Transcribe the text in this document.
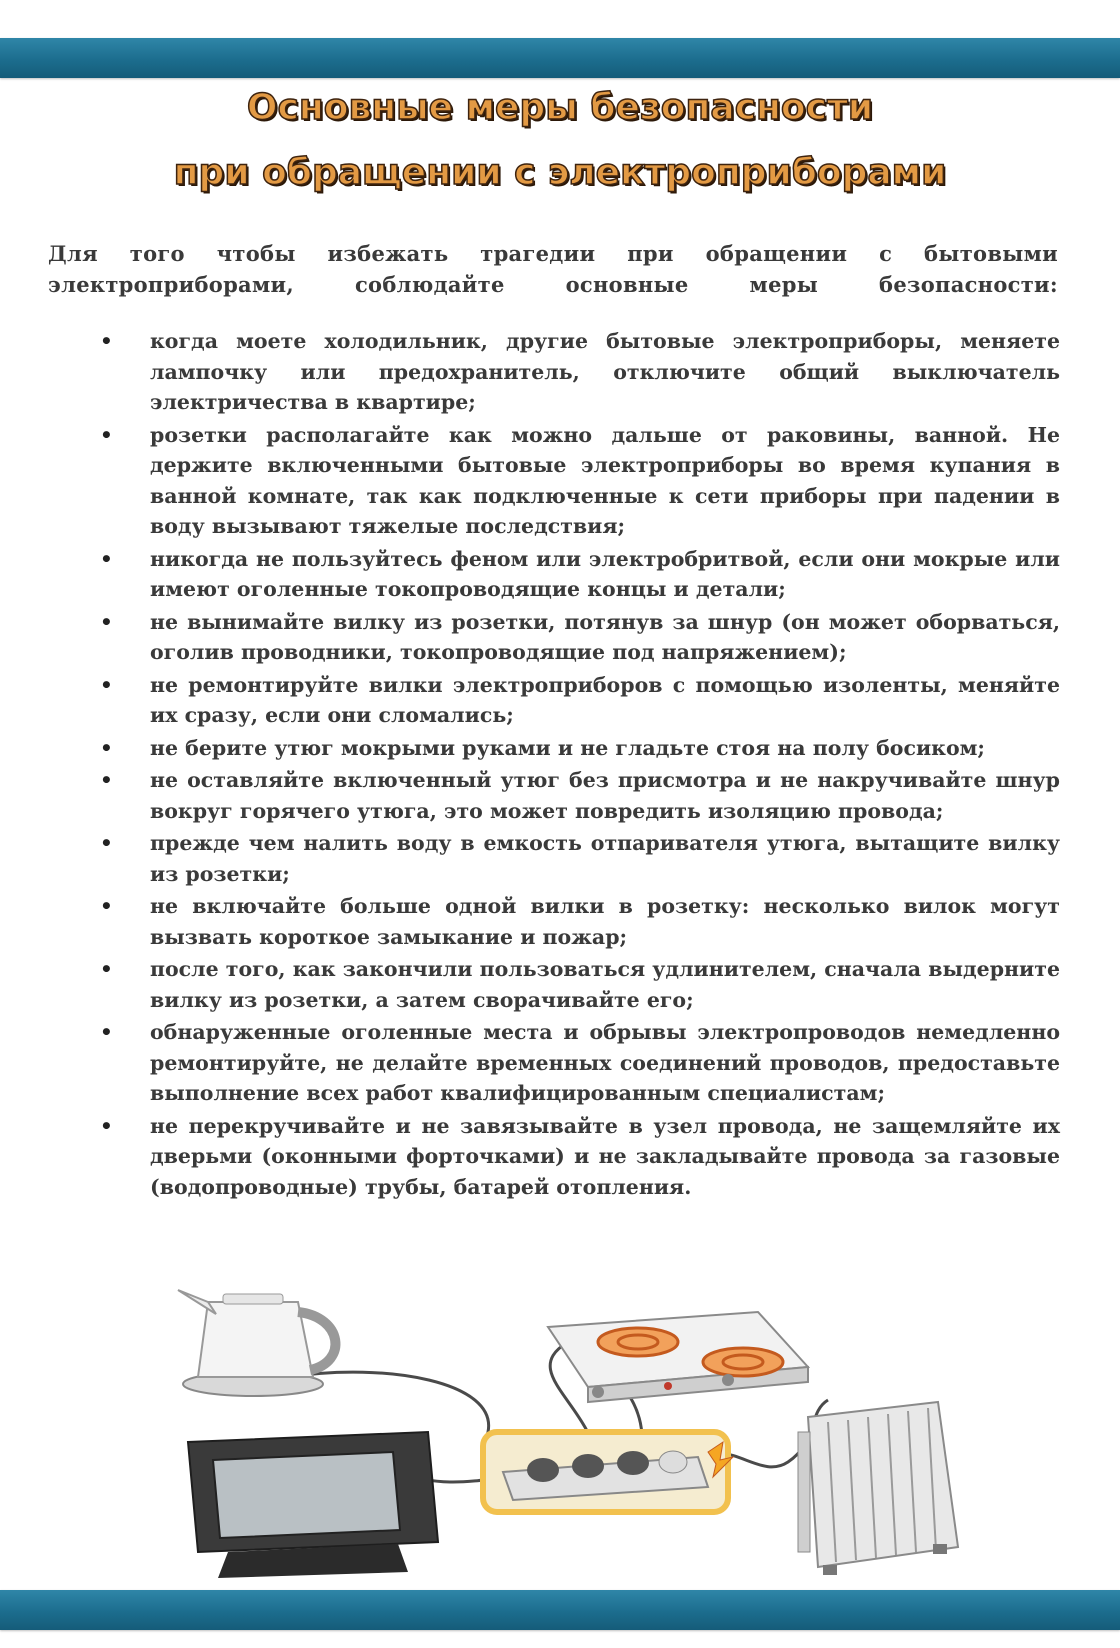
Основные меры безопасности
при обращении с электроприборами

Для того чтобы избежать трагедии при обращении с бытовыми электроприборами, соблюдайте основные меры безопасности:

• когда моете холодильник, другие бытовые электроприборы, меняете лампочку или предохранитель, отключите общий выключатель электричества в квартире;
• розетки располагайте как можно дальше от раковины, ванной. Не держите включенными бытовые электроприборы во время купания в ванной комнате, так как подключенные к сети приборы при падении в воду вызывают тяжелые последствия;
• никогда не пользуйтесь феном или электробритвой, если они мокрые или имеют оголенные токопроводящие концы и детали;
• не вынимайте вилку из розетки, потянув за шнур (он может оборваться, оголив проводники, токопроводящие под напряжением);
• не ремонтируйте вилки электроприборов с помощью изоленты, меняйте их сразу, если они сломались;
• не берите утюг мокрыми руками и не гладьте стоя на полу босиком;
• не оставляйте включенный утюг без присмотра и не накручивайте шнур вокруг горячего утюга, это может повредить изоляцию провода;
• прежде чем налить воду в емкость отпаривателя утюга, вытащите вилку из розетки;
• не включайте больше одной вилки в розетку: несколько вилок могут вызвать короткое замыкание и пожар;
• после того, как закончили пользоваться удлинителем, сначала выдерните вилку из розетки, а затем сворачивайте его;
• обнаруженные оголенные места и обрывы электропроводов немедленно ремонтируйте, не делайте временных соединений проводов, предоставьте выполнение всех работ квалифицированным специалистам;
• не перекручивайте и не завязывайте в узел провода, не защемляйте их дверьми (оконными форточками) и не закладывайте провода за газовые (водопроводные) трубы, батарей отопления.
